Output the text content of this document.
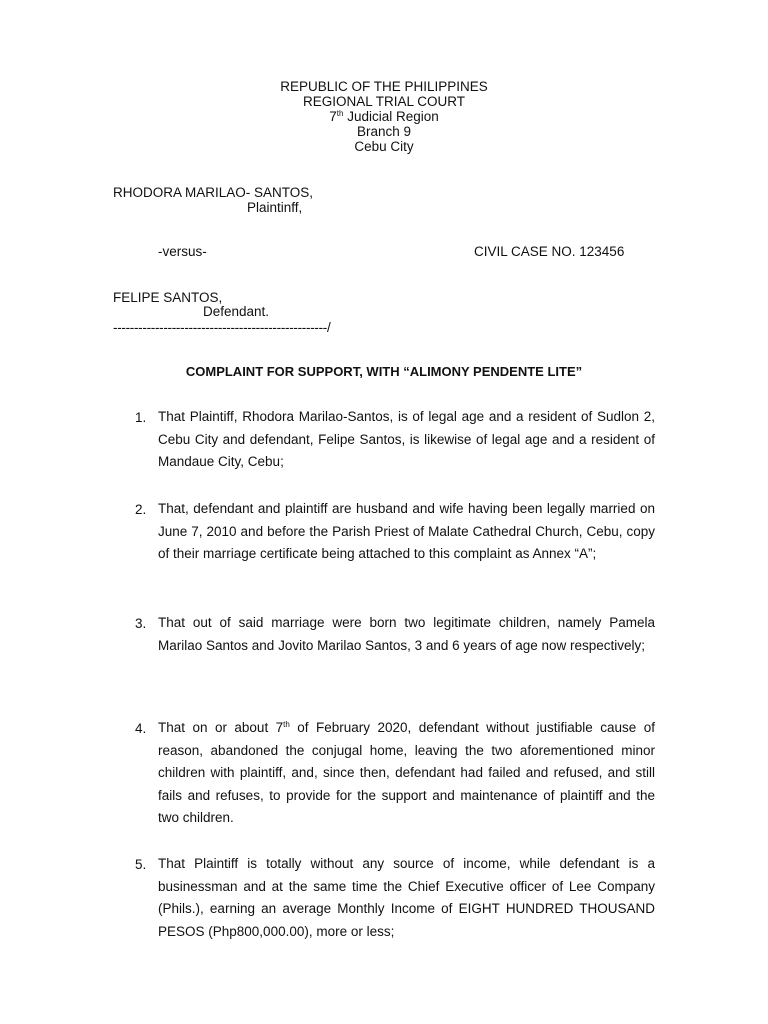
REPUBLIC OF THE PHILIPPINES
REGIONAL TRIAL COURT
7th Judicial Region
Branch 9
Cebu City
RHODORA MARILAO- SANTOS,
Plaintinff,
-versus-	CIVIL CASE NO. 123456
FELIPE SANTOS,
Defendant.
---------------------------------------------------/
COMPLAINT FOR SUPPORT, WITH “ALIMONY PENDENTE LITE”
1. That Plaintiff, Rhodora Marilao-Santos, is of legal age and a resident of Sudlon 2, Cebu City and defendant, Felipe Santos, is likewise of legal age and a resident of Mandaue City, Cebu;
2. That, defendant and plaintiff are husband and wife having been legally married on June 7, 2010 and before the Parish Priest of Malate Cathedral Church, Cebu, copy of their marriage certificate being attached to this complaint as Annex “A”;
3. That out of said marriage were born two legitimate children, namely Pamela Marilao Santos and Jovito Marilao Santos, 3 and 6 years of age now respectively;
4. That on or about 7th of February 2020, defendant without justifiable cause of reason, abandoned the conjugal home, leaving the two aforementioned minor children with plaintiff, and, since then, defendant had failed and refused, and still fails and refuses, to provide for the support and maintenance of plaintiff and the two children.
5. That Plaintiff is totally without any source of income, while defendant is a businessman and at the same time the Chief Executive officer of Lee Company (Phils.), earning an average Monthly Income of EIGHT HUNDRED THOUSAND PESOS (Php800,000.00), more or less;
